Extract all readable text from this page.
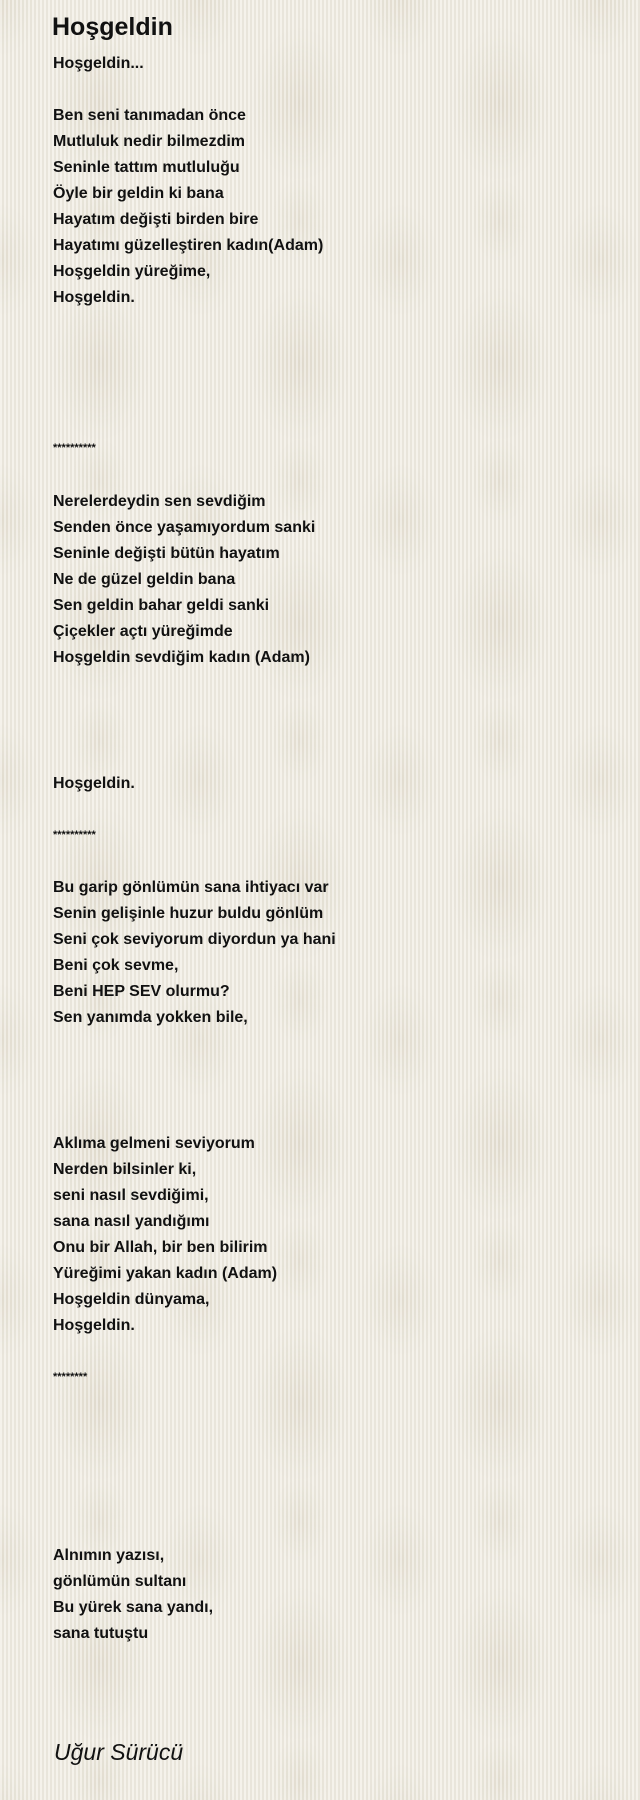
Hoşgeldin

Hoşgeldin...

Ben seni tanımadan önce

Mutluluk nedir bilmezdim

Seninle tattım mutluluğu

Öyle bir geldin ki bana

Hayatım değişti birden bire

Hayatımı güzelleştiren kadın(Adam)

Hoşgeldin yüreğime,

Hoşgeldin.

**********

Nerelerdeydin sen sevdiğim

Senden önce yaşamıyordum sanki

Seninle değişti bütün hayatım

Ne de güzel geldin bana

Sen geldin bahar geldi sanki

Çiçekler açtı yüreğimde

Hoşgeldin sevdiğim kadın (Adam)

Hoşgeldin.

**********

Bu garip gönlümün sana ihtiyacı var

Senin gelişinle huzur buldu gönlüm

Seni çok seviyorum diyordun ya hani

Beni çok sevme,

Beni HEP SEV olurmu?

Sen yanımda yokken bile,

Aklıma gelmeni seviyorum

Nerden bilsinler ki,

seni nasıl sevdiğimi,

sana nasıl yandığımı

Onu bir Allah, bir ben bilirim

Yüreğimi yakan kadın (Adam)

Hoşgeldin dünyama,

Hoşgeldin.

********

Alnımın yazısı,

gönlümün sultanı

Bu yürek sana yandı,

sana tutuştu

Uğur Sürücü
